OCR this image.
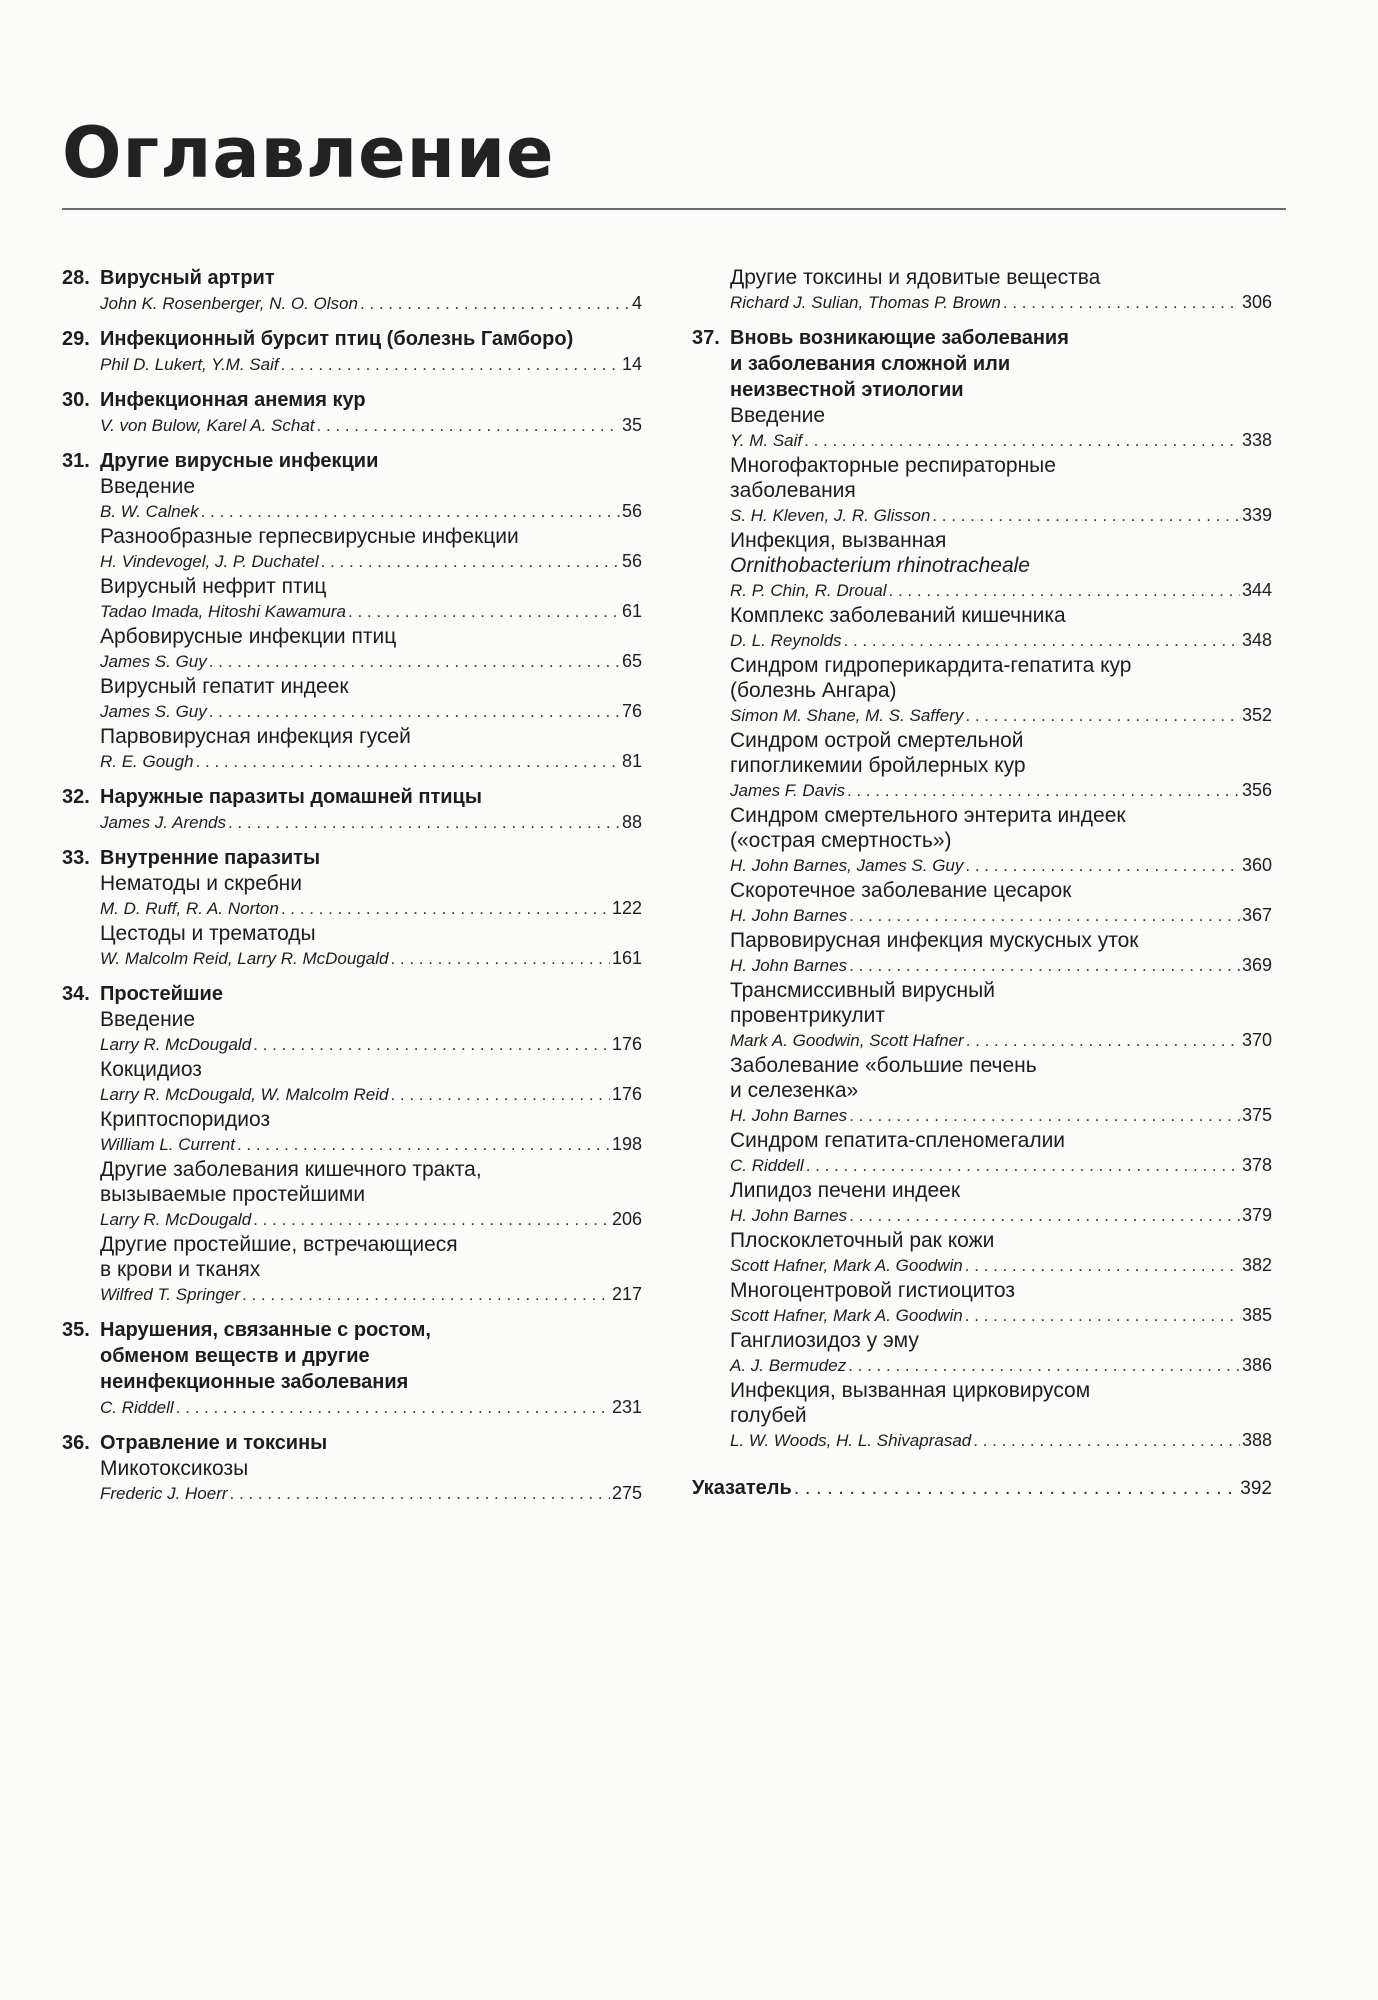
Оглавление
28. Вирусный артрит
John K. Rosenberger, N. O. Olson . . .	4
29. Инфекционный бурсит птиц (болезнь Гамборо)
Phil D. Lukert, Y.M. Saif . . .	14
30. Инфекционная анемия кур
V. von Bulow, Karel A. Schat . . .	35
31. Другие вирусные инфекции
Введение
B. W. Calnek . . .	56
Разнообразные герпесвирусные инфекции
H. Vindevogel, J. P. Duchatel . . .	56
Вирусный нефрит птиц
Tadao Imada, Hitoshi Kawamura . . .	61
Арбовирусные инфекции птиц
James S. Guy . . .	65
Вирусный гепатит индеек
James S. Guy . . .	76
Парвовирусная инфекция гусей
R. E. Gough . . .	81
32. Наружные паразиты домашней птицы
James J. Arends . . .	88
33. Внутренние паразиты
Нематоды и скребни
M. D. Ruff, R. A. Norton . . .	122
Цестоды и трематоды
W. Malcolm Reid, Larry R. McDougald . . .	161
34. Простейшие
Введение
Larry R. McDougald . . .	176
Кокцидиоз
Larry R. McDougald, W. Malcolm Reid . . .	176
Криптоспоридиоз
William L. Current . . .	198
Другие заболевания кишечного тракта,
вызываемые простейшими
Larry R. McDougald . . .	206
Другие простейшие, встречающиеся
в крови и тканях
Wilfred T. Springer . . .	217
35. Нарушения, связанные с ростом,
обменом веществ и другие
неинфекционные заболевания
C. Riddell . . .	231
36. Отравление и токсины
Микотоксикозы
Frederic J. Hoerr . . .	275
Другие токсины и ядовитые вещества
Richard J. Sulian, Thomas P. Brown . . .	306
37. Вновь возникающие заболевания
и заболевания сложной или
неизвестной этиологии
Введение
Y. M. Saif . . .	338
Многофакторные респираторные
заболевания
S. H. Kleven, J. R. Glisson . . .	339
Инфекция, вызванная
Ornithobacterium rhinotracheale
R. P. Chin, R. Droual . . .	344
Комплекс заболеваний кишечника
D. L. Reynolds . . .	348
Синдром гидроперикардита-гепатита кур
(болезнь Ангара)
Simon M. Shane, M. S. Saffery . . .	352
Синдром острой смертельной
гипогликемии бройлерных кур
James F. Davis . . .	356
Синдром смертельного энтерита индеек
(«острая смертность»)
H. John Barnes, James S. Guy . . .	360
Скоротечное заболевание цесарок
H. John Barnes . . .	367
Парвовирусная инфекция мускусных уток
H. John Barnes . . .	369
Трансмиссивный вирусный
провентрикулит
Mark A. Goodwin, Scott Hafner . . .	370
Заболевание «большие печень
и селезенка»
H. John Barnes . . .	375
Синдром гепатита-спленомегалии
C. Riddell . . .	378
Липидоз печени индеек
H. John Barnes . . .	379
Плоскоклеточный рак кожи
Scott Hafner, Mark A. Goodwin . . .	382
Многоцентровой гистиоцитоз
Scott Hafner, Mark A. Goodwin . . .	385
Ганглиозидоз у эму
A. J. Bermudez . . .	386
Инфекция, вызванная цирковирусом
голубей
L. W. Woods, H. L. Shivaprasad . . .	388
Указатель . . .	392
